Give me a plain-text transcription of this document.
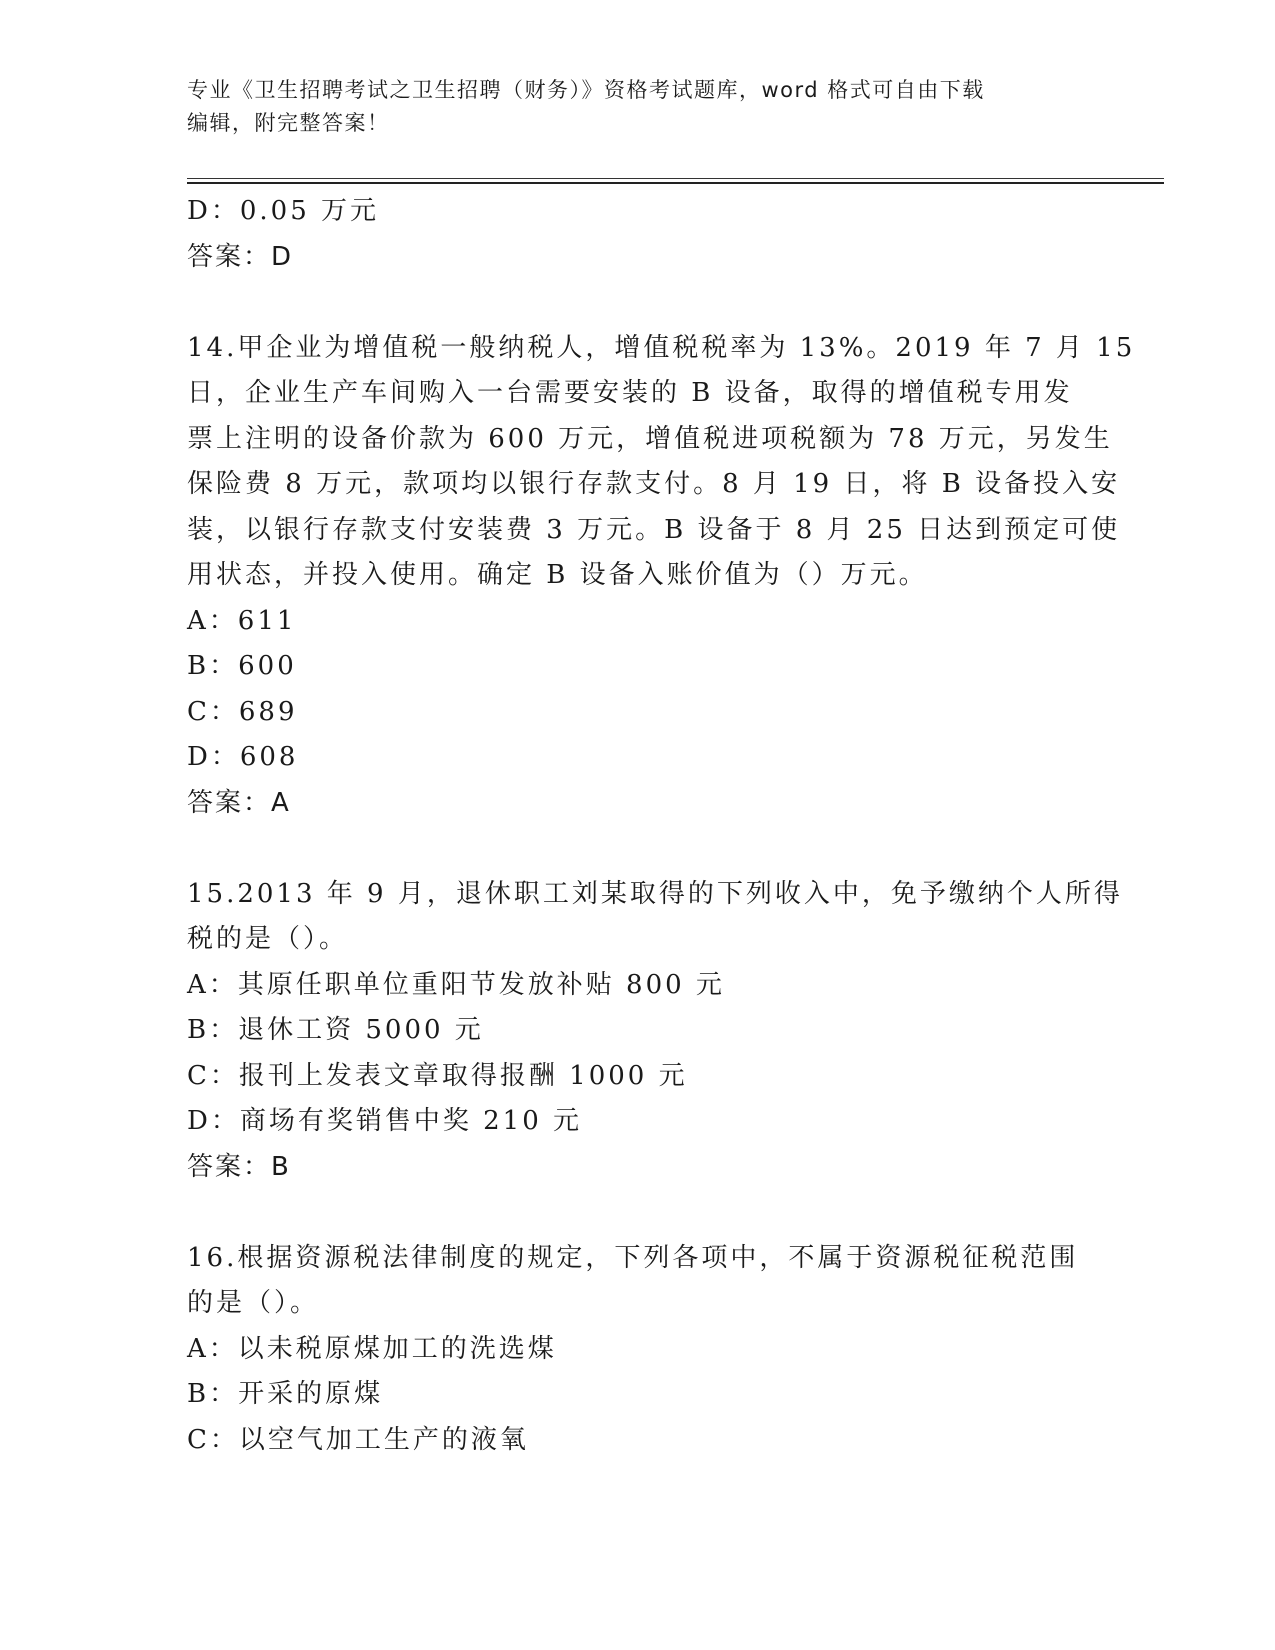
专业《卫生招聘考试之卫生招聘（财务）》资格考试题库，word 格式可自由下载
编辑，附完整答案！
D：0.05 万元
答案：D
14.甲企业为增值税一般纳税人，增值税税率为 13%。2019 年 7 月 15
日，企业生产车间购入一台需要安装的 B 设备，取得的增值税专用发
票上注明的设备价款为 600 万元，增值税进项税额为 78 万元，另发生
保险费 8 万元，款项均以银行存款支付。8 月 19 日，将 B 设备投入安
装，以银行存款支付安装费 3 万元。B 设备于 8 月 25 日达到预定可使
用状态，并投入使用。确定 B 设备入账价值为（）万元。
A：611
B：600
C：689
D：608
答案：A
15.2013 年 9 月，退休职工刘某取得的下列收入中，免予缴纳个人所得
税的是（）。
A：其原任职单位重阳节发放补贴 800 元
B：退休工资 5000 元
C：报刊上发表文章取得报酬 1000 元
D：商场有奖销售中奖 210 元
答案：B
16.根据资源税法律制度的规定，下列各项中，不属于资源税征税范围
的是（）。
A：以未税原煤加工的洗选煤
B：开采的原煤
C：以空气加工生产的液氧
